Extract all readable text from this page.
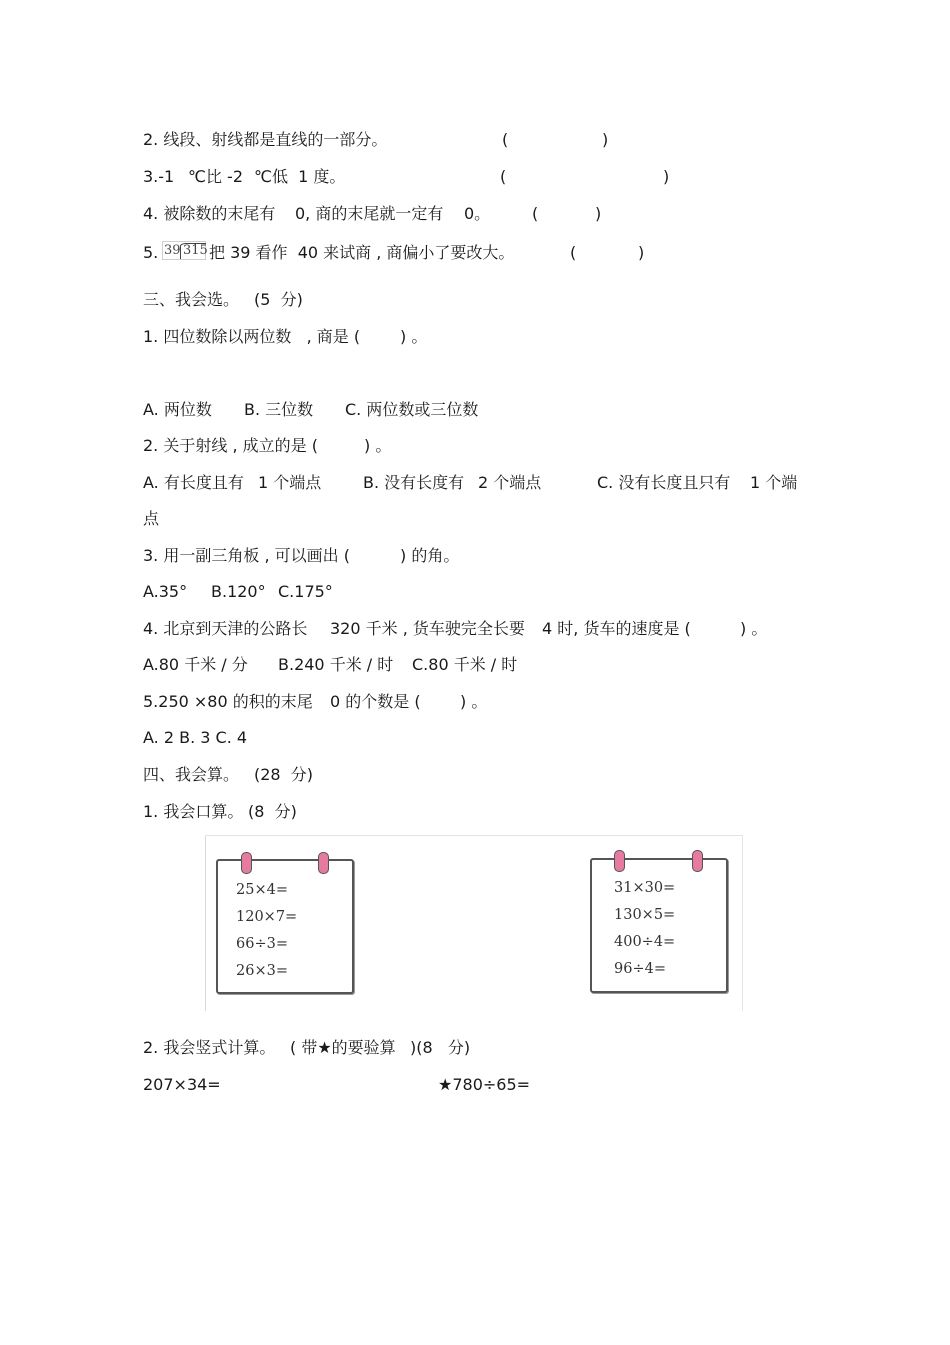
2. 线段、射线都是直线的一部分。	(	)
3.-1 ℃比 -2 ℃低  1 度。	(	)
4. 被除数的末尾有 0, 商的末尾就一定有 0。	(	)
5. 39 315 把 39 看作  40 来试商 , 商偏小了要改大。	(	)
三、我会选。 (5  分)
1. 四位数除以两位数   , 商是 ( ) 。
A. 两位数 B. 三位数 C. 两位数或三位数
2. 关于射线 , 成立的是 (	) 。
A. 有长度且有 1 个端点	B. 没有长度有 2 个端点	C. 没有长度且只有 1 个端
点
3. 用一副三角板 , 可以画出 (	) 的角。
A.35° B.120° C.175°
4. 北京到天津的公路长 320 千米 , 货车驶完全长要 4 时, 货车的速度是 (	) 。
A.80 千米 / 分 B.240 千米 / 时 C.80 千米 / 时
5.250 ×80 的积的末尾 0 的个数是 ( ) 。
A. 2 B. 3 C. 4
四、我会算。 (28  分)
1. 我会口算。 (8  分)
25×4=
120×7=
66÷3=
26×3=
31×30=
130×5=
400÷4=
96÷4=
2. 我会竖式计算。 ( 带★的要验算 )(8   分)
207×34=	★780÷65=
